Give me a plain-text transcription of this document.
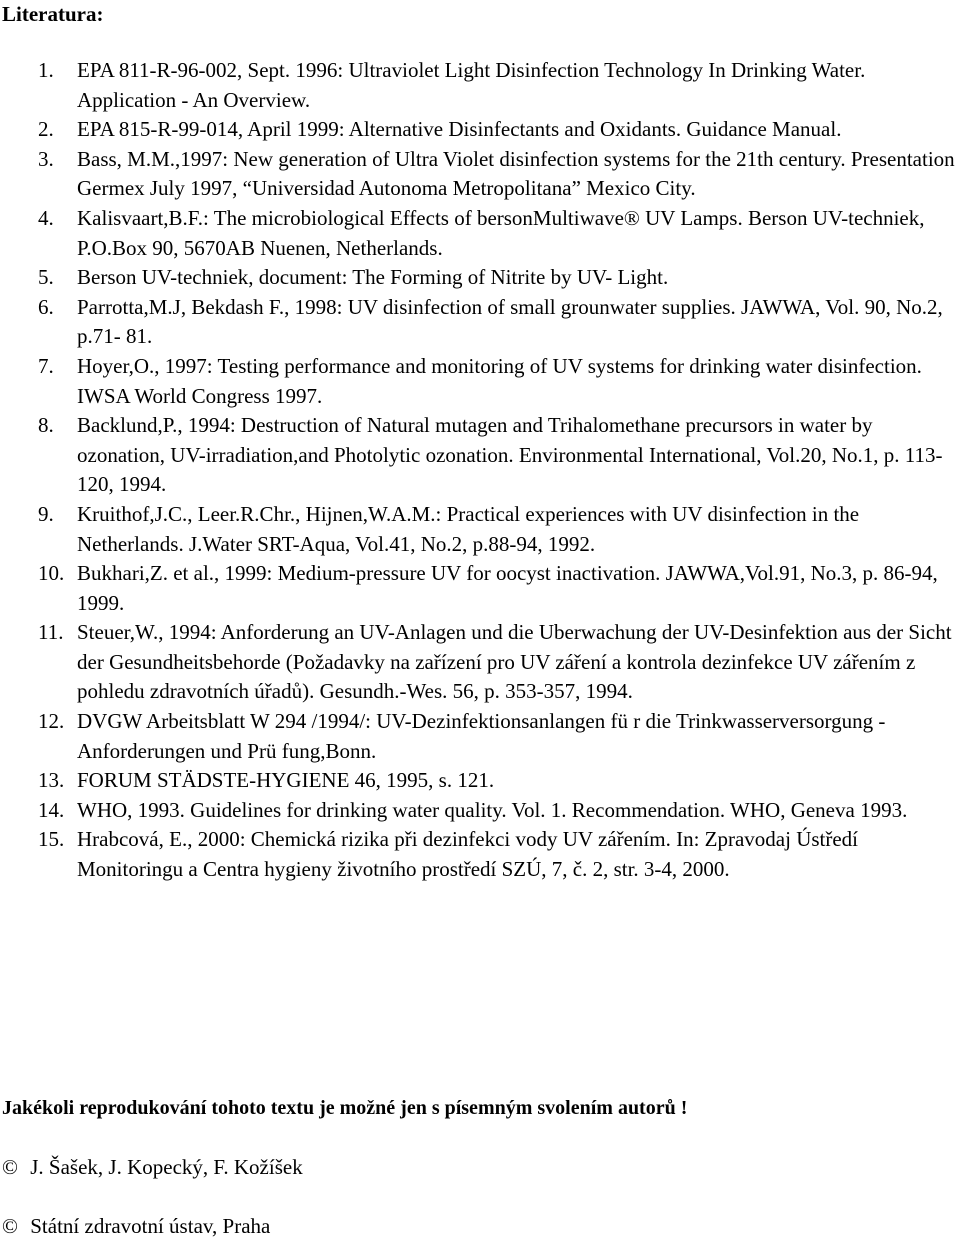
Literatura:
1. EPA 811-R-96-002, Sept. 1996: Ultraviolet Light Disinfection Technology In Drinking Water. Application - An Overview.
2. EPA 815-R-99-014, April 1999: Alternative Disinfectants and Oxidants. Guidance Manual.
3. Bass, M.M.,1997: New generation of Ultra Violet disinfection systems for the 21th century. Presentation Germex July 1997, “Universidad Autonoma Metropolitana” Mexico City.
4. Kalisvaart,B.F.: The microbiological Effects of bersonMultiwave® UV Lamps. Berson UV-techniek, P.O.Box 90, 5670AB Nuenen, Netherlands.
5. Berson UV-techniek, document: The Forming of Nitrite by UV- Light.
6. Parrotta,M.J, Bekdash F., 1998: UV disinfection of small grounwater supplies. JAWWA, Vol. 90, No.2, p.71- 81.
7. Hoyer,O., 1997: Testing performance and monitoring of UV systems for drinking water disinfection. IWSA World Congress 1997.
8. Backlund,P., 1994: Destruction of Natural mutagen and Trihalomethane precursors in water by ozonation, UV-irradiation,and Photolytic ozonation. Environmental International, Vol.20, No.1, p. 113-120, 1994.
9. Kruithof,J.C., Leer.R.Chr., Hijnen,W.A.M.: Practical experiences with UV disinfection in the Netherlands. J.Water SRT-Aqua, Vol.41, No.2, p.88-94, 1992.
10. Bukhari,Z. et al., 1999: Medium-pressure UV for oocyst inactivation. JAWWA,Vol.91, No.3, p. 86-94, 1999.
11. Steuer,W., 1994: Anforderung an UV-Anlagen und die Uberwachung der UV-Desinfektion aus der Sicht der Gesundheitsbehorde (Požadavky na zařízení pro UV záření a kontrola dezinfekce UV zářením z pohledu zdravotních úřadů). Gesundh.-Wes. 56, p. 353-357, 1994.
12. DVGW Arbeitsblatt W 294 /1994/: UV-Dezinfektionsanlangen fü r die Trinkwasserversorgung -Anforderungen und Prü fung,Bonn.
13. FORUM STÄDSTE-HYGIENE 46, 1995, s. 121.
14. WHO, 1993. Guidelines for drinking water quality. Vol. 1. Recommendation. WHO, Geneva 1993.
15. Hrabcová, E., 2000: Chemická rizika při dezinfekci vody UV zářením. In: Zpravodaj Ústředí Monitoringu a Centra hygieny životního prostředí SZÚ, 7, č. 2, str. 3-4, 2000.

Jakékoli reprodukování tohoto textu je možné jen s písemným svolením autorů !

© J. Šašek, J. Kopecký, F. Kožíšek

© Státní zdravotní ústav, Praha
